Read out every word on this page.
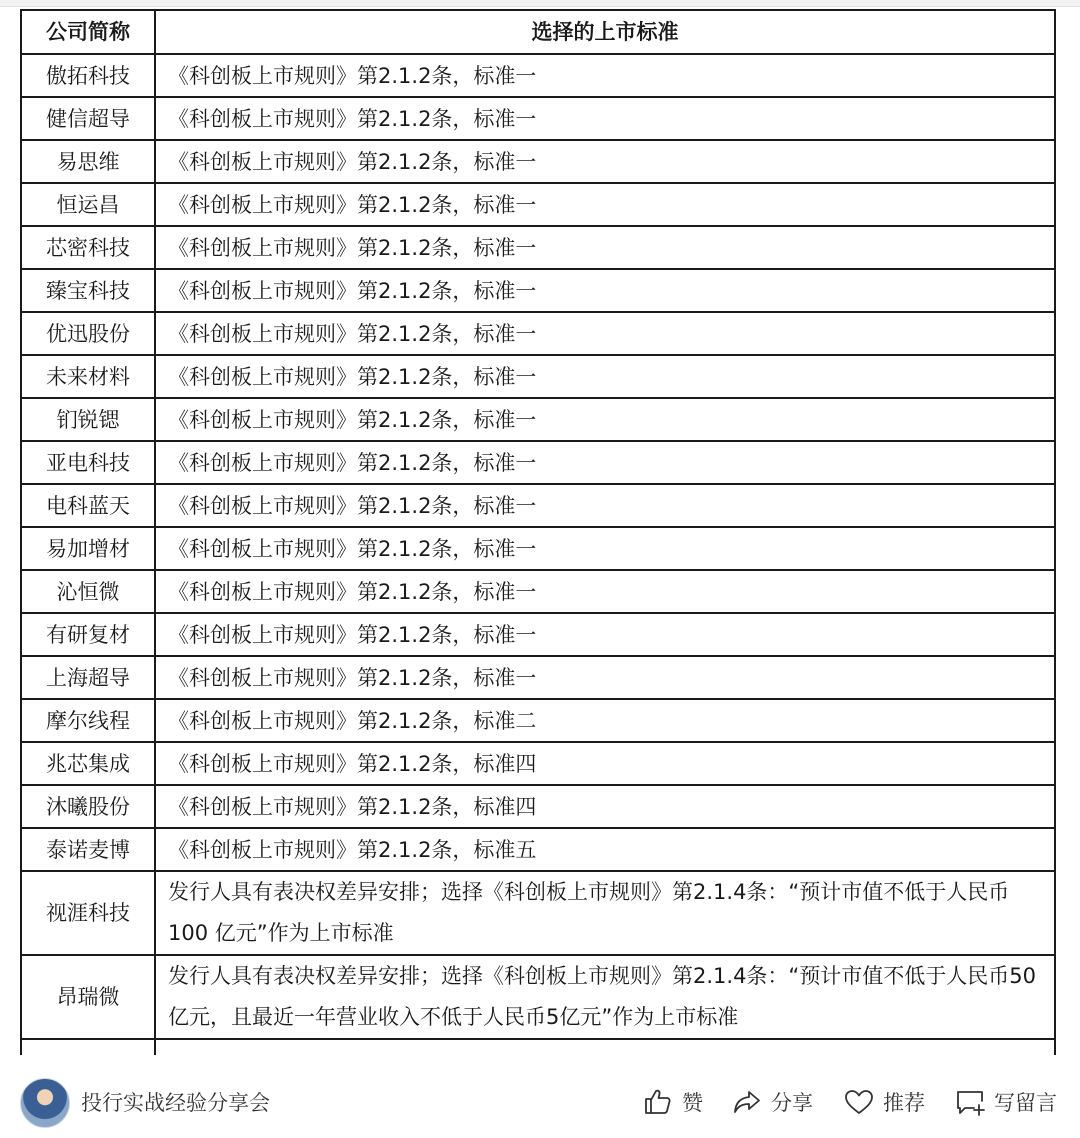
公司简称	选择的上市标准
傲拓科技	《科创板上市规则》第2.1.2条，标准一
健信超导	《科创板上市规则》第2.1.2条，标准一
易思维	《科创板上市规则》第2.1.2条，标准一
恒运昌	《科创板上市规则》第2.1.2条，标准一
芯密科技	《科创板上市规则》第2.1.2条，标准一
臻宝科技	《科创板上市规则》第2.1.2条，标准一
优迅股份	《科创板上市规则》第2.1.2条，标准一
未来材料	《科创板上市规则》第2.1.2条，标准一
钔锐锶	《科创板上市规则》第2.1.2条，标准一
亚电科技	《科创板上市规则》第2.1.2条，标准一
电科蓝天	《科创板上市规则》第2.1.2条，标准一
易加增材	《科创板上市规则》第2.1.2条，标准一
沁恒微	《科创板上市规则》第2.1.2条，标准一
有研复材	《科创板上市规则》第2.1.2条，标准一
上海超导	《科创板上市规则》第2.1.2条，标准一
摩尔线程	《科创板上市规则》第2.1.2条，标准二
兆芯集成	《科创板上市规则》第2.1.2条，标准四
沐曦股份	《科创板上市规则》第2.1.2条，标准四
泰诺麦博	《科创板上市规则》第2.1.2条，标准五
视涯科技	发行人具有表决权差异安排；选择《科创板上市规则》第2.1.4条：“预计市值不低于人民币100 亿元”作为上市标准
昂瑞微	发行人具有表决权差异安排；选择《科创板上市规则》第2.1.4条：“预计市值不低于人民币50 亿元，且最近一年营业收入不低于人民币5亿元”作为上市标准

投行实战经验分享会	赞	分享	推荐	写留言
